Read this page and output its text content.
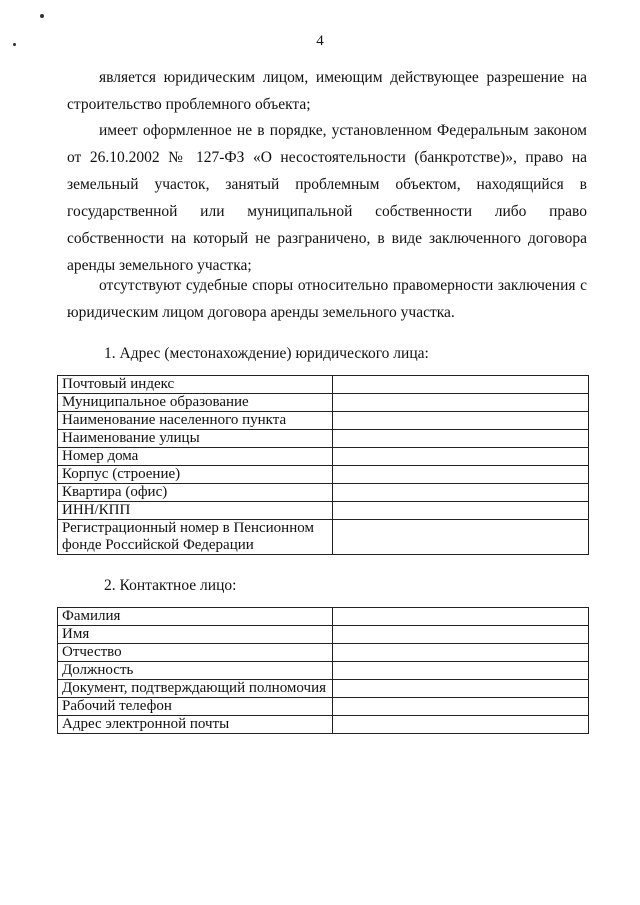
4

является юридическим лицом, имеющим действующее разрешение на строительство проблемного объекта;

имеет оформленное не в порядке, установленном Федеральным законом от 26.10.2002 № 127-ФЗ «О несостоятельности (банкротстве)», право на земельный участок, занятый проблемным объектом, находящийся в государственной или муниципальной собственности либо право собственности на который не разграничено, в виде заключенного договора аренды земельного участка;

отсутствуют судебные споры относительно правомерности заключения с юридическим лицом договора аренды земельного участка.

1. Адрес (местонахождение) юридического лица:
Почтовый индекс	
Муниципальное образование	
Наименование населенного пункта	
Наименование улицы	
Номер дома	
Корпус (строение)	
Квартира (офис)	
ИНН/КПП	
Регистрационный номер в Пенсионном фонде Российской Федерации	
2. Контактное лицо:
Фамилия	
Имя	
Отчество	
Должность	
Документ, подтверждающий полномочия	
Рабочий телефон	
Адрес электронной почты	
